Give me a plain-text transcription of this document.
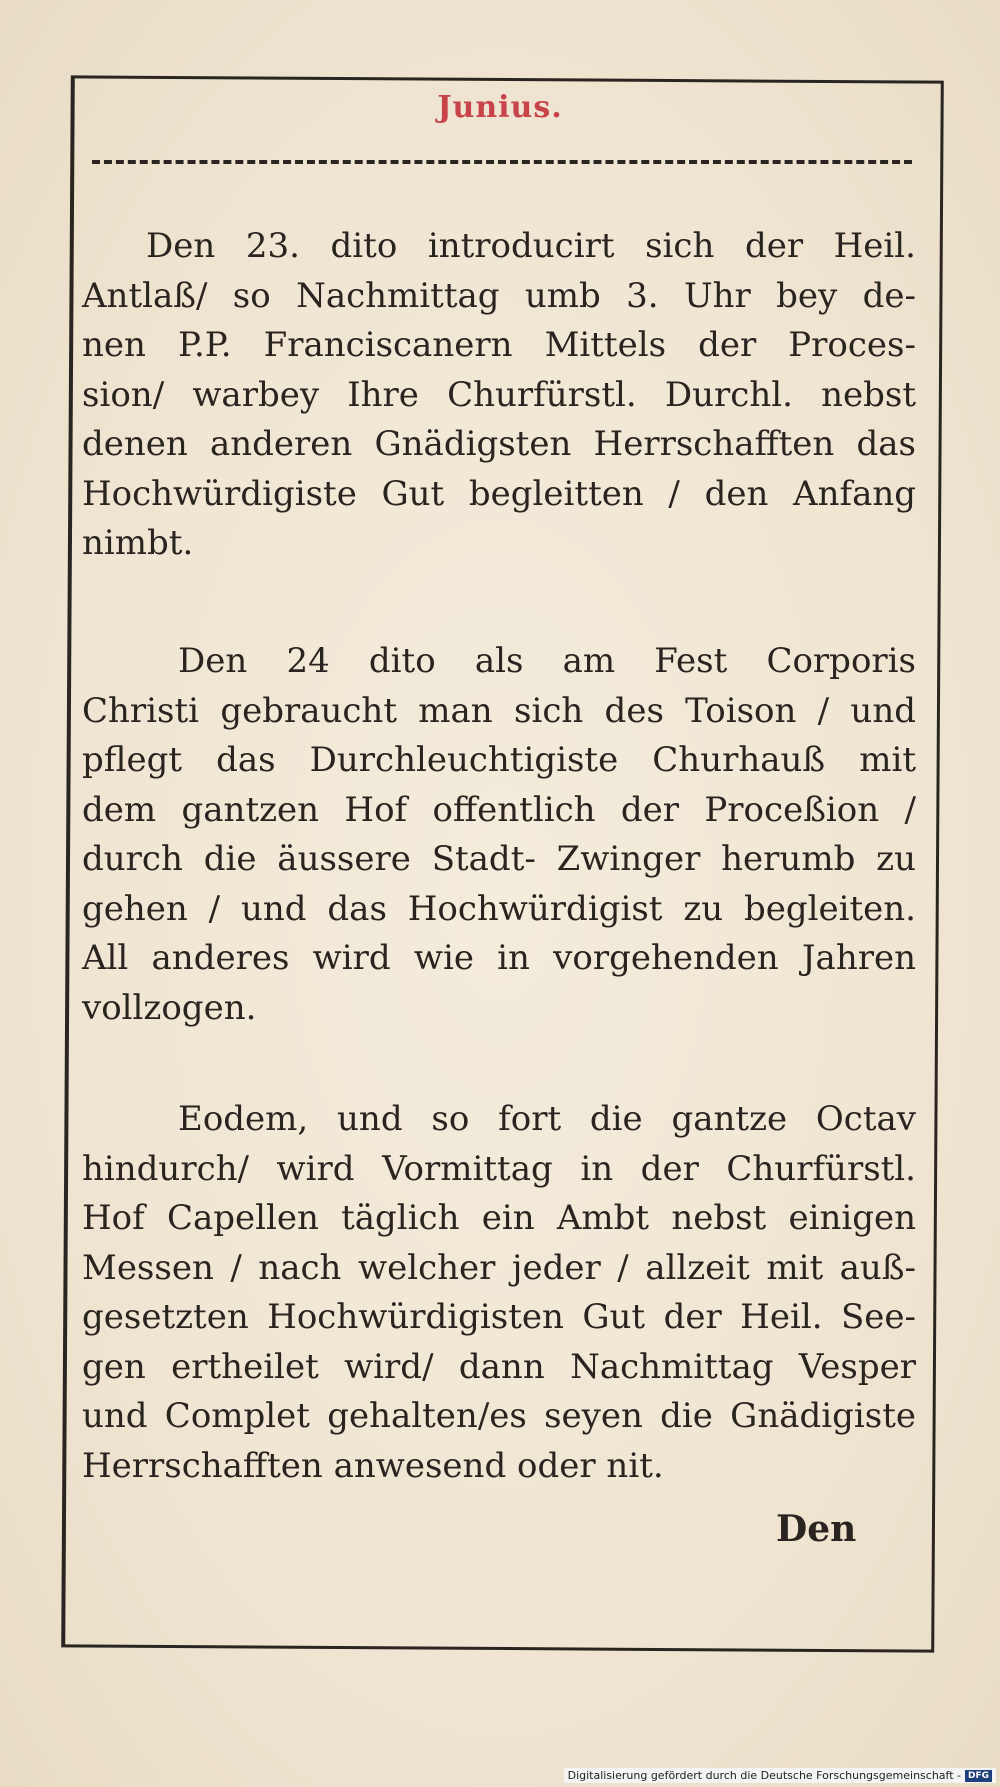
Junius.
Den 23. dito introducirt sich der Heil.
Antlaß/ so Nachmittag umb 3. Uhr bey de-
nen P.P. Franciscanern Mittels der Proces-
sion/ warbey Ihre Churfürstl. Durchl. nebst
denen anderen Gnädigsten Herrschafften das
Hochwürdigiste Gut begleitten / den Anfang
nimbt.
Den 24 dito als am Fest Corporis
Christi gebraucht man sich des Toison / und
pflegt das Durchleuchtigiste Churhauß mit
dem gantzen Hof offentlich der Proceßion /
durch die äussere Stadt- Zwinger herumb zu
gehen / und das Hochwürdigist zu begleiten.
All anderes wird wie in vorgehenden Jahren
vollzogen.
Eodem, und so fort die gantze Octav
hindurch/ wird Vormittag in der Churfürstl.
Hof Capellen täglich ein Ambt nebst einigen
Messen / nach welcher jeder / allzeit mit auß-
gesetzten Hochwürdigisten Gut der Heil. See-
gen ertheilet wird/ dann Nachmittag Vesper
und Complet gehalten/es seyen die Gnädigiste
Herrschafften anwesend oder nit.
Den
Digitalisierung gefördert durch die Deutsche Forschungsgemeinschaft - DFG
